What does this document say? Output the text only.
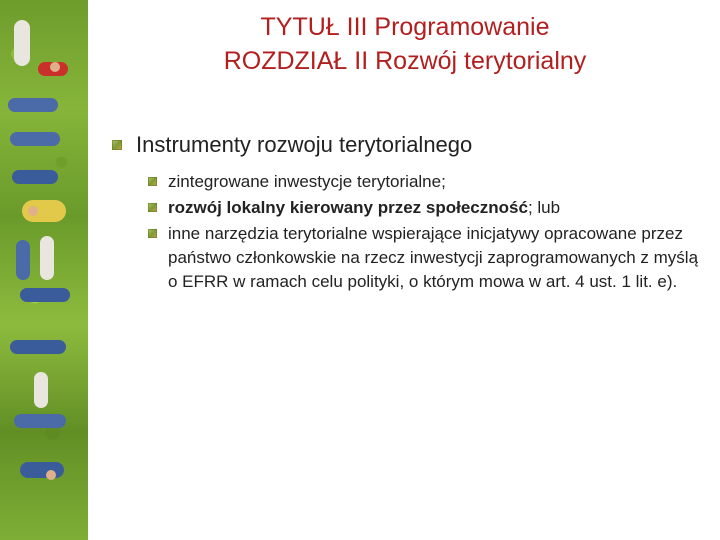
TYTUŁ III Programowanie
ROZDZIAŁ II Rozwój terytorialny
Instrumenty rozwoju terytorialnego
zintegrowane inwestycje terytorialne;
rozwój lokalny kierowany przez społeczność; lub
inne narzędzia terytorialne wspierające inicjatywy opracowane przez państwo członkowskie na rzecz inwestycji zaprogramowanych z myślą o EFRR w ramach celu polityki, o którym mowa w art. 4 ust. 1 lit. e).
